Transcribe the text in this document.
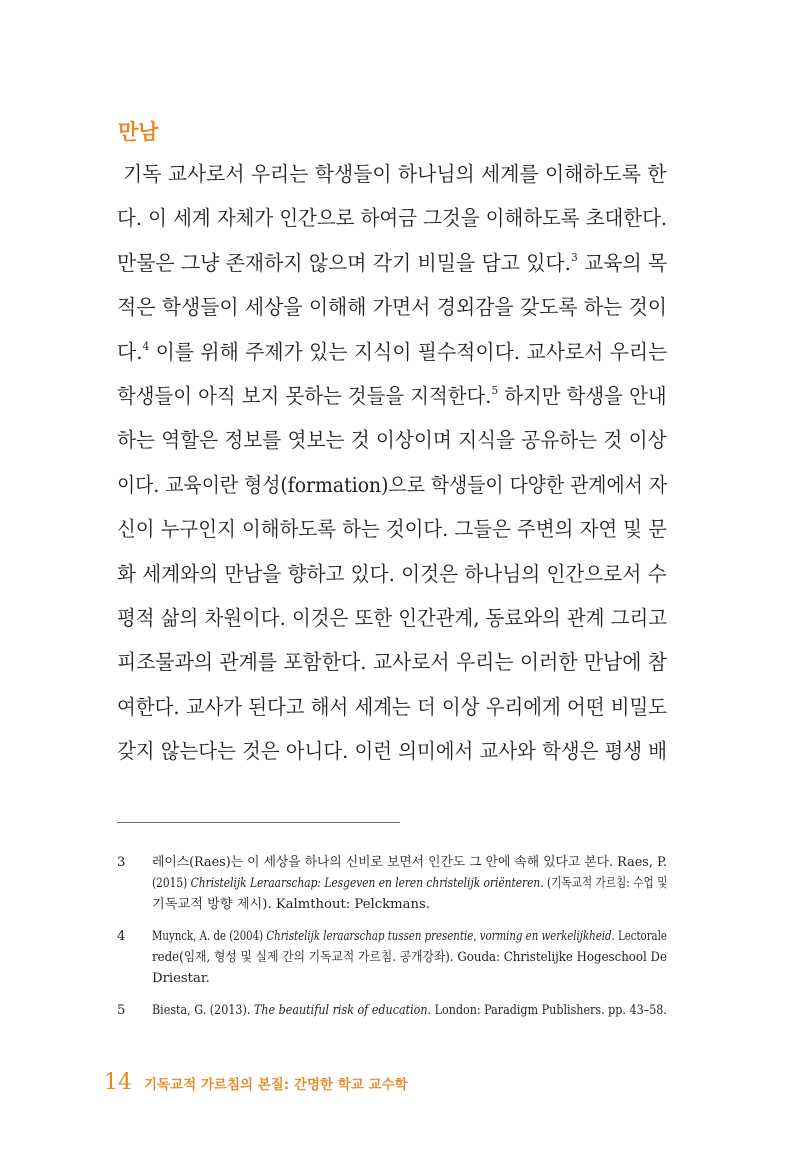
만남
기독 교사로서 우리는 학생들이 하나님의 세계를 이해하도록 한
다. 이 세계 자체가 인간으로 하여금 그것을 이해하도록 초대한다.
만물은 그냥 존재하지 않으며 각기 비밀을 담고 있다.$^3$ 교육의 목
적은 학생들이 세상을 이해해 가면서 경외감을 갖도록 하는 것이
다.$^4$ 이를 위해 주제가 있는 지식이 필수적이다. 교사로서 우리는
학생들이 아직 보지 못하는 것들을 지적한다.$^5$ 하지만 학생을 안내
하는 역할은 정보를 엿보는 것 이상이며 지식을 공유하는 것 이상
이다. 교육이란 형성(formation)으로 학생들이 다양한 관계에서 자
신이 누구인지 이해하도록 하는 것이다. 그들은 주변의 자연 및 문
화 세계와의 만남을 향하고 있다. 이것은 하나님의 인간으로서 수
평적 삶의 차원이다. 이것은 또한 인간관계, 동료와의 관계 그리고
피조물과의 관계를 포함한다. 교사로서 우리는 이러한 만남에 참
여한다. 교사가 된다고 해서 세계는 더 이상 우리에게 어떤 비밀도
갖지 않는다는 것은 아니다. 이런 의미에서 교사와 학생은 평생 배
3 레이스(Raes)는 이 세상을 하나의 신비로 보면서 인간도 그 안에 속해 있다고 본다. Raes, P.
(2015) Christelijk Leraarschap: Lesgeven en leren christelijk oriënteren. (기독교적 가르침: 수업 및
기독교적 방향 제시). Kalmthout: Pelckmans.
4 Muynck, A. de (2004) Christelijk leraarschap tussen presentie, vorming en werkelijkheid. Lectorale
rede(임재, 형성 및 실제 간의 기독교적 가르침. 공개강좌). Gouda: Christelijke Hogeschool De
Driestar.
5 Biesta, G. (2013). The beautiful risk of education. London: Paradigm Publishers. pp. 43–58.
14 기독교적 가르침의 본질: 간명한 학교 교수학
